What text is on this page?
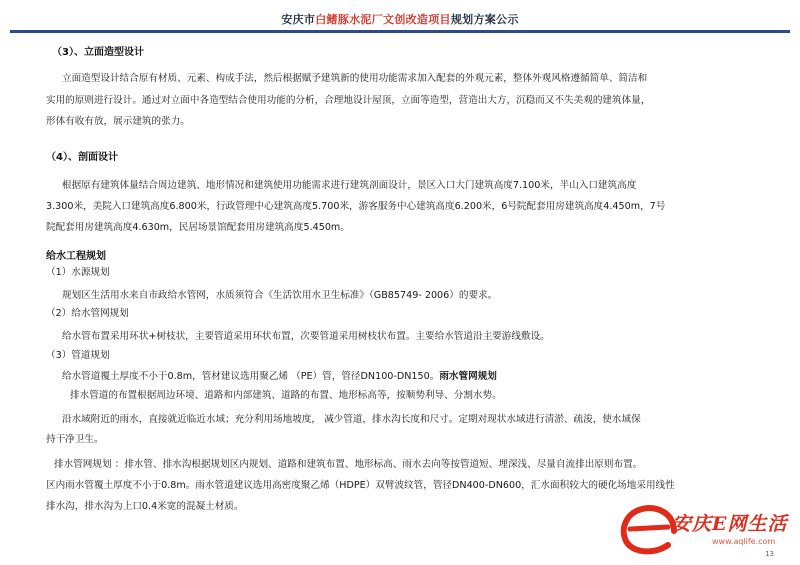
安庆市白鳍豚水泥厂文创改造项目规划方案公示
（3）、立面造型设计
立面造型设计结合原有材质、元素、构成手法，然后根据赋予建筑新的使用功能需求加入配套的外观元素，整体外观风格遵循简单、简洁和
实用的原则进行设计。通过对立面中各造型结合使用功能的分析，合理地设计屋顶，立面等造型，营造出大方，沉稳而又不失美观的建筑体量，
形体有收有放，展示建筑的张力。
（4）、剖面设计
根据原有建筑体量结合周边建筑、地形情况和建筑使用功能需求进行建筑剖面设计，景区入口大门建筑高度7.100米，半山入口建筑高度
3.300米，美院入口建筑高度6.800米，行政管理中心建筑高度5.700米，游客服务中心建筑高度6.200米，6号院配套用房建筑高度4.450m，7号
院配套用房建筑高度4.630m，民居场景馆配套用房建筑高度5.450m。
给水工程规划
（1）水源规划
规划区生活用水来自市政给水管网，水质须符合《生活饮用水卫生标准》（GB85749- 2006）的要求。
（2）给水管网规划
给水管布置采用环状+树枝状，主要管道采用环状布置，次要管道采用树枝状布置。主要给水管道沿主要游线敷设。
（3）管道规划
给水管道覆土厚度不小于0.8m，管材建议选用聚乙烯 （PE）管，管径DN100-DN150。雨水管网规划
排水管道的布置根据周边环境、道路和内部建筑、道路的布置、地形标高等，按顺势利导、分割水势。
沿水域附近的雨水，直接就近临近水域；充分利用场地坡度， 减少管道，排水沟长度和尺寸。定期对现状水域进行清淤、疏浚，使水域保
持干净卫生。
排水管网规划 ：排水管、排水沟根据规划区内规划、道路和建筑布置、地形标高、雨水去向等按管道短、埋深浅、尽量自流排出原则布置。
区内雨水管覆土厚度不小于0.8m。雨水管道建议选用高密度聚乙烯（HDPE）双臂波纹管，管径DN400-DN600，汇水面积较大的硬化场地采用线性
排水沟，排水沟为上口0.4米宽的混凝土材质。
安庆E网生活
www.aqlife.com
13
